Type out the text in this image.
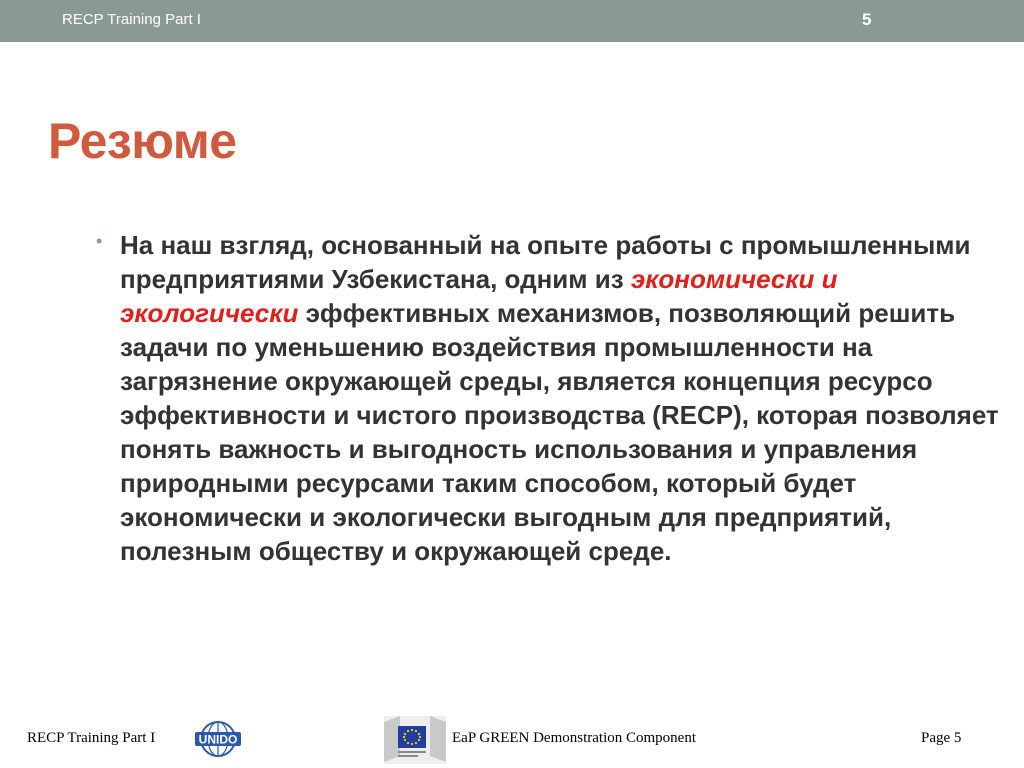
RECP Training Part I	5
Резюме
• На наш взгляд, основанный на опыте работы с промышленными предприятиями Узбекистана, одним из экономически и экологически эффективных механизмов, позволяющий решить задачи по уменьшению воздействия промышленности на загрязнение окружающей среды, является концепция ресурсо эффективности и чистого производства (RECP), которая позволяет понять важность и выгодность использования и управления природными ресурсами таким способом, который будет экономически и экологически выгодным для предприятий, полезным обществу и окружающей среде.
RECP Training Part I	UNIDO	EaP GREEN Demonstration Component	Page 5
